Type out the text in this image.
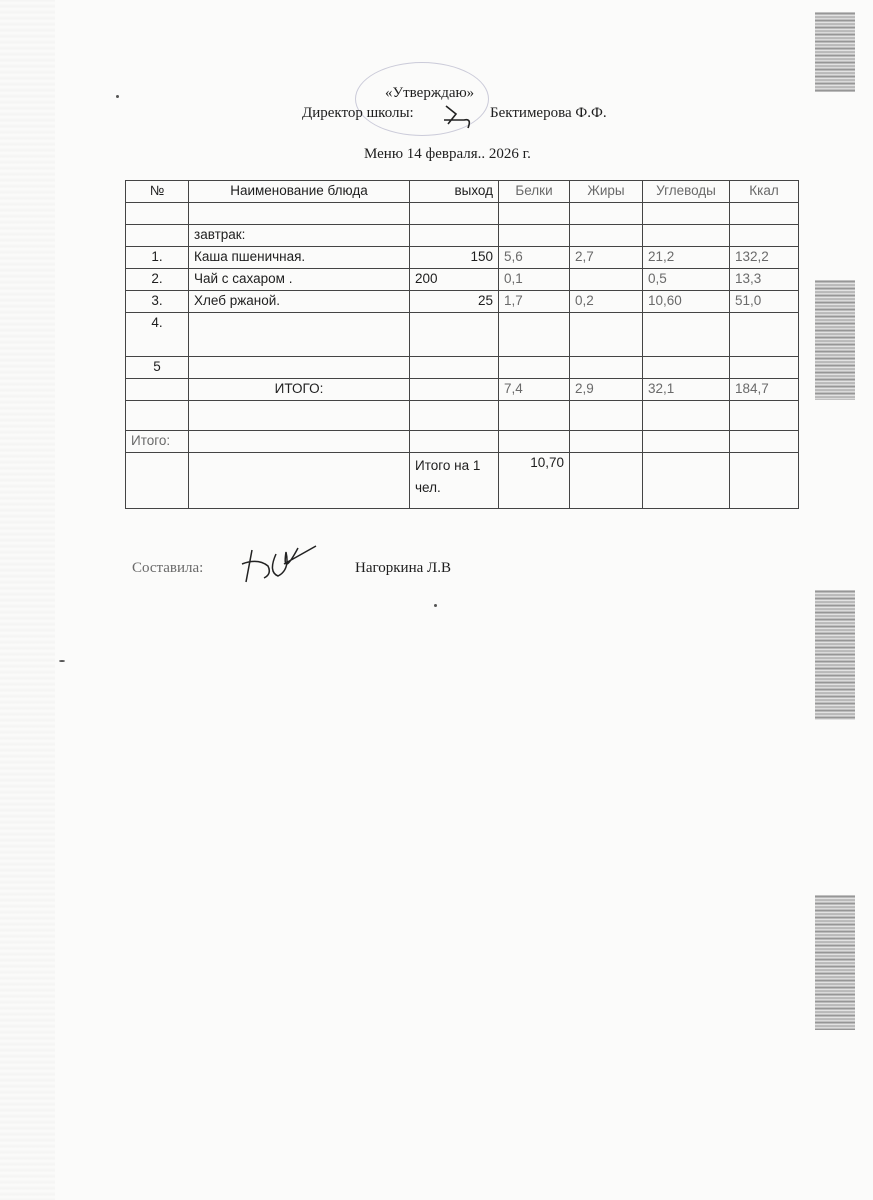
«Утверждаю»
Директор школы:	Бектимерова Ф.Ф.
Меню 14 февраля.. 2026 г.
№	Наименование блюда	выход	Белки	Жиры	Углеводы	Ккал

	завтрак:					
1.	Каша пшеничная.	150	5,6	2,7	21,2	132,2
2.	Чай с сахаром .	200	0,1		0,5	13,3
3.	Хлеб ржаной.	25	1,7	0,2	10,60	51,0
4.						
5						
	ИТОГО:		7,4	2,9	32,1	184,7

Итого:						
		Итого на 1 чел.	10,70			
Составила:	Нагоркина Л.В
